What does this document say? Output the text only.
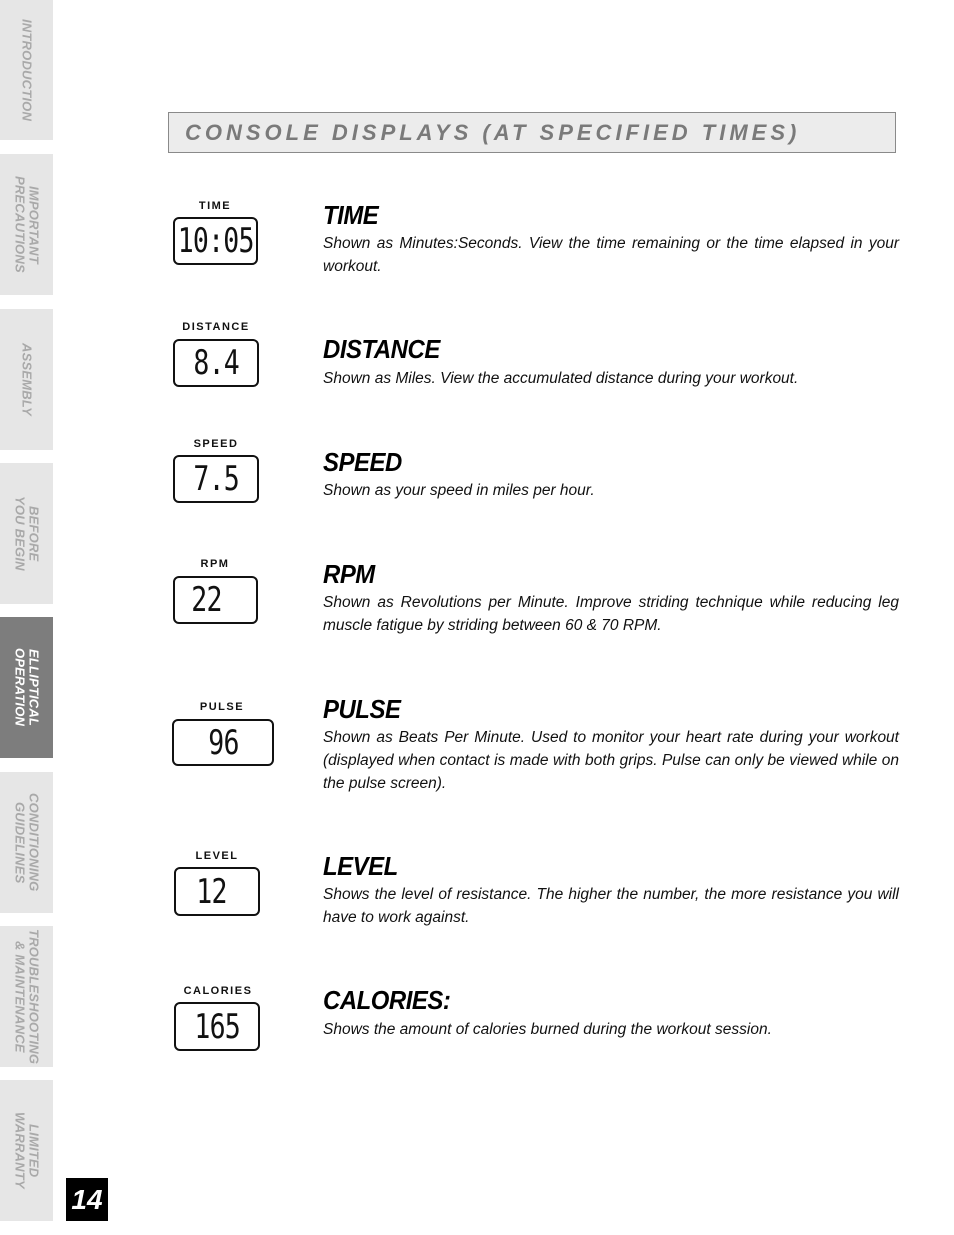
INTRODUCTION
IMPORTANT
PRECAUTIONS
ASSEMBLY
BEFORE
YOU BEGIN
ELLIPTICAL
OPERATION
CONDITIONING
GUIDELINES
TROUBLESHOOTING
& MAINTENANCE
LIMITED
WARRANTY
14
CONSOLE DISPLAYS (AT SPECIFIED TIMES)
TIME
10:05
TIME
Shown as Minutes:Seconds. View the time remaining or the time elapsed in your workout.
DISTANCE
8.4	DISTANCE
Shown as Miles. View the accumulated distance during your workout.
SPEED
7.5	SPEED
Shown as your speed in miles per hour.
RPM
22
RPM
Shown as Revolutions per Minute. Improve striding technique while reducing leg muscle fatigue by striding between 60 & 70 RPM.
PULSE
96
PULSE
Shown as Beats Per Minute. Used to monitor your heart rate during your workout (displayed when contact is made with both grips. Pulse can only be viewed while on the pulse screen).
LEVEL
12
LEVEL
Shows the level of resistance. The higher the number, the more resistance you will have to work against.
CALORIES
165
CALORIES:
Shows the amount of calories burned during the workout session.
